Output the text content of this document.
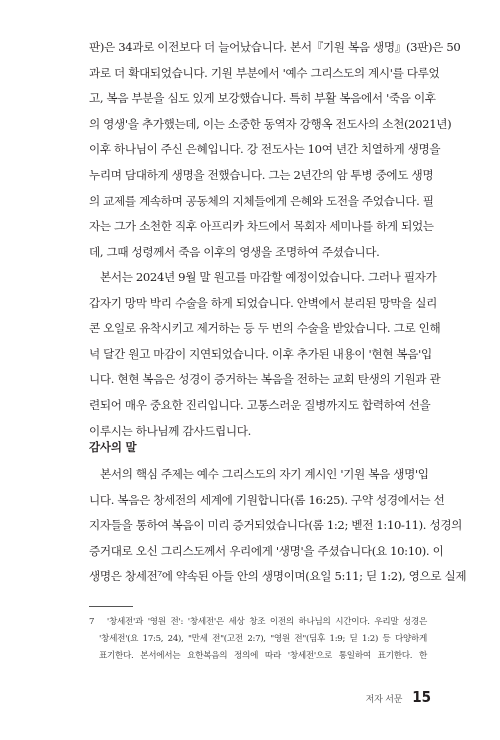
판)은 34과로 이전보다 더 늘어났습니다. 본서『기원 복음 생명』(3판)은 50
과로 더 확대되었습니다. 기원 부분에서 '예수 그리스도의 계시'를 다루었
고, 복음 부분을 심도 있게 보강했습니다. 특히 부활 복음에서 '죽음 이후
의 영생'을 추가했는데, 이는 소중한 동역자 강행옥 전도사의 소천(2021년)
이후 하나님이 주신 은혜입니다. 강 전도사는 10여 년간 치열하게 생명을
누리며 담대하게 생명을 전했습니다. 그는 2년간의 암 투병 중에도 생명
의 교제를 계속하며 공동체의 지체들에게 은혜와 도전을 주었습니다. 필
자는 그가 소천한 직후 아프리카 차드에서 목회자 세미나를 하게 되었는
데, 그때 성령께서 죽음 이후의 영생을 조명하여 주셨습니다.
본서는 2024년 9월 말 원고를 마감할 예정이었습니다. 그러나 필자가
갑자기 망막 박리 수술을 하게 되었습니다. 안벽에서 분리된 망막을 실리
콘 오일로 유착시키고 제거하는 등 두 번의 수술을 받았습니다. 그로 인해
넉 달간 원고 마감이 지연되었습니다. 이후 추가된 내용이 '현현 복음'입
니다. 현현 복음은 성경이 증거하는 복음을 전하는 교회 탄생의 기원과 관
련되어 매우 중요한 진리입니다. 고통스러운 질병까지도 합력하여 선을
이루시는 하나님께 감사드립니다.
감사의 말
본서의 핵심 주제는 예수 그리스도의 자기 계시인 '기원 복음 생명'입
니다. 복음은 창세전의 세계에 기원합니다(롬 16:25). 구약 성경에서는 선
지자들을 통하여 복음이 미리 증거되었습니다(롬 1:2; 벧전 1:10-11). 성경의
증거대로 오신 그리스도께서 우리에게 '생명'을 주셨습니다(요 10:10). 이
생명은 창세전⁷에 약속된 아들 안의 생명이며(요일 5:11; 딛 1:2), 영으로 실제
7　'창세전'과 '영원 전': '창세전'은 세상 창조 이전의 하나님의 시간이다. 우리말 성경은
'창세전'(요 17:5, 24), "만세 전"(고전 2:7), "영원 전"(딤후 1:9; 딛 1:2) 등 다양하게
표기한다. 본서에서는 요한복음의 정의에 따라 '창세전'으로 통일하여 표기한다. 한
저자 서문 15
